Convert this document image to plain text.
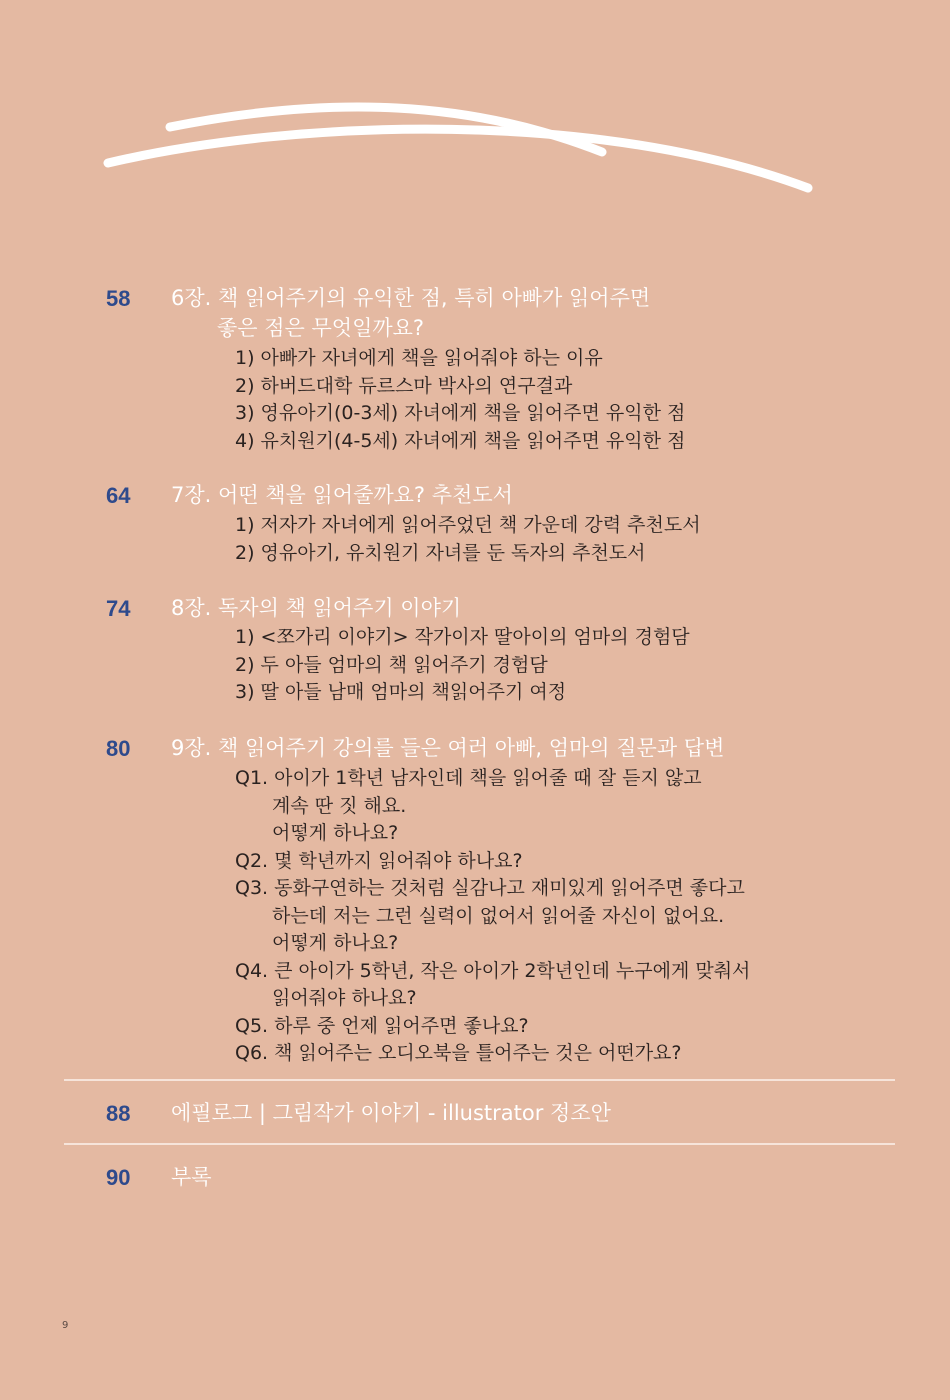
58 6장. 책 읽어주기의 유익한 점, 특히 아빠가 읽어주면
좋은 점은 무엇일까요?
1) 아빠가 자녀에게 책을 읽어줘야 하는 이유
2) 하버드대학 듀르스마 박사의 연구결과
3) 영유아기(0-3세) 자녀에게 책을 읽어주면 유익한 점
4) 유치원기(4-5세) 자녀에게 책을 읽어주면 유익한 점
64 7장. 어떤 책을 읽어줄까요? 추천도서
1) 저자가 자녀에게 읽어주었던 책 가운데 강력 추천도서
2) 영유아기, 유치원기 자녀를 둔 독자의 추천도서
74 8장. 독자의 책 읽어주기 이야기
1) <쪼가리 이야기> 작가이자 딸아이의 엄마의 경험담
2) 두 아들 엄마의 책 읽어주기 경험담
3) 딸 아들 남매 엄마의 책읽어주기 여정
80 9장. 책 읽어주기 강의를 들은 여러 아빠, 엄마의 질문과 답변
Q1. 아이가 1학년 남자인데 책을 읽어줄 때 잘 듣지 않고
계속 딴 짓 해요.
어떻게 하나요?
Q2. 몇 학년까지 읽어줘야 하나요?
Q3. 동화구연하는 것처럼 실감나고 재미있게 읽어주면 좋다고
하는데 저는 그런 실력이 없어서 읽어줄 자신이 없어요.
어떻게 하나요?
Q4. 큰 아이가 5학년, 작은 아이가 2학년인데 누구에게 맞춰서
읽어줘야 하나요?
Q5. 하루 중 언제 읽어주면 좋나요?
Q6. 책 읽어주는 오디오북을 틀어주는 것은 어떤가요?
88 에필로그 | 그림작가 이야기 - illustrator 정조안
90 부록
9
